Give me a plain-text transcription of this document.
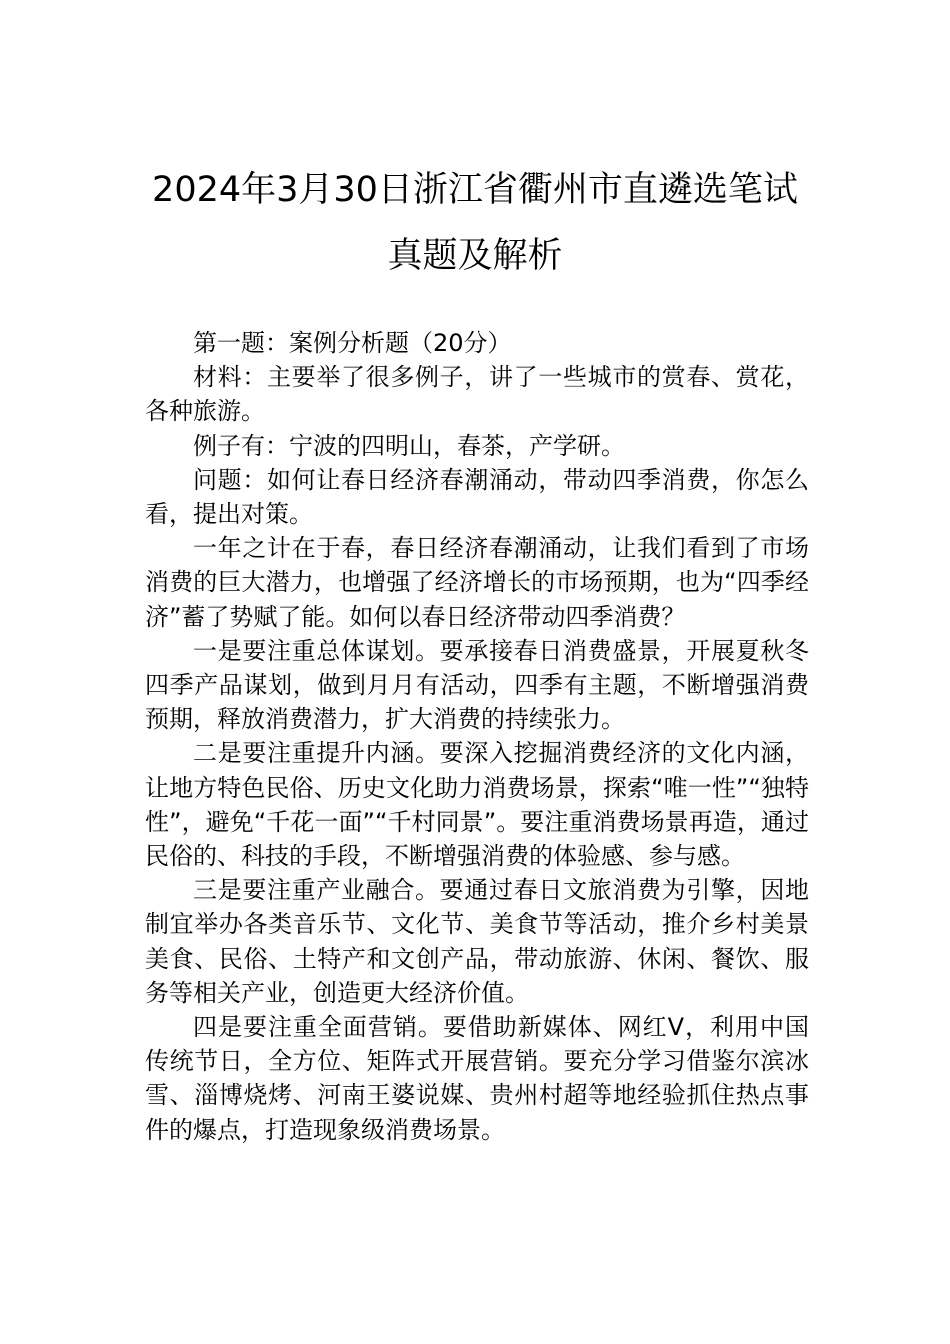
2024年3月30日浙江省衢州市直遴选笔试
真题及解析

第一题：案例分析题（20分）

材料：主要举了很多例子，讲了一些城市的赏春、赏花，各种旅游。

例子有：宁波的四明山，春茶，产学研。

问题：如何让春日经济春潮涌动，带动四季消费，你怎么看，提出对策。

一年之计在于春，春日经济春潮涌动，让我们看到了市场消费的巨大潜力，也增强了经济增长的市场预期，也为“四季经济”蓄了势赋了能。如何以春日经济带动四季消费？

一是要注重总体谋划。要承接春日消费盛景，开展夏秋冬四季产品谋划，做到月月有活动，四季有主题，不断增强消费预期，释放消费潜力，扩大消费的持续张力。

二是要注重提升内涵。要深入挖掘消费经济的文化内涵，让地方特色民俗、历史文化助力消费场景，探索“唯一性”“独特性”，避免“千花一面”“千村同景”。要注重消费场景再造，通过民俗的、科技的手段，不断增强消费的体验感、参与感。

三是要注重产业融合。要通过春日文旅消费为引擎，因地制宜举办各类音乐节、文化节、美食节等活动，推介乡村美景美食、民俗、土特产和文创产品，带动旅游、休闲、餐饮、服务等相关产业，创造更大经济价值。

四是要注重全面营销。要借助新媒体、网红V，利用中国传统节日，全方位、矩阵式开展营销。要充分学习借鉴尔滨冰雪、淄博烧烤、河南王婆说媒、贵州村超等地经验抓住热点事件的爆点，打造现象级消费场景。
